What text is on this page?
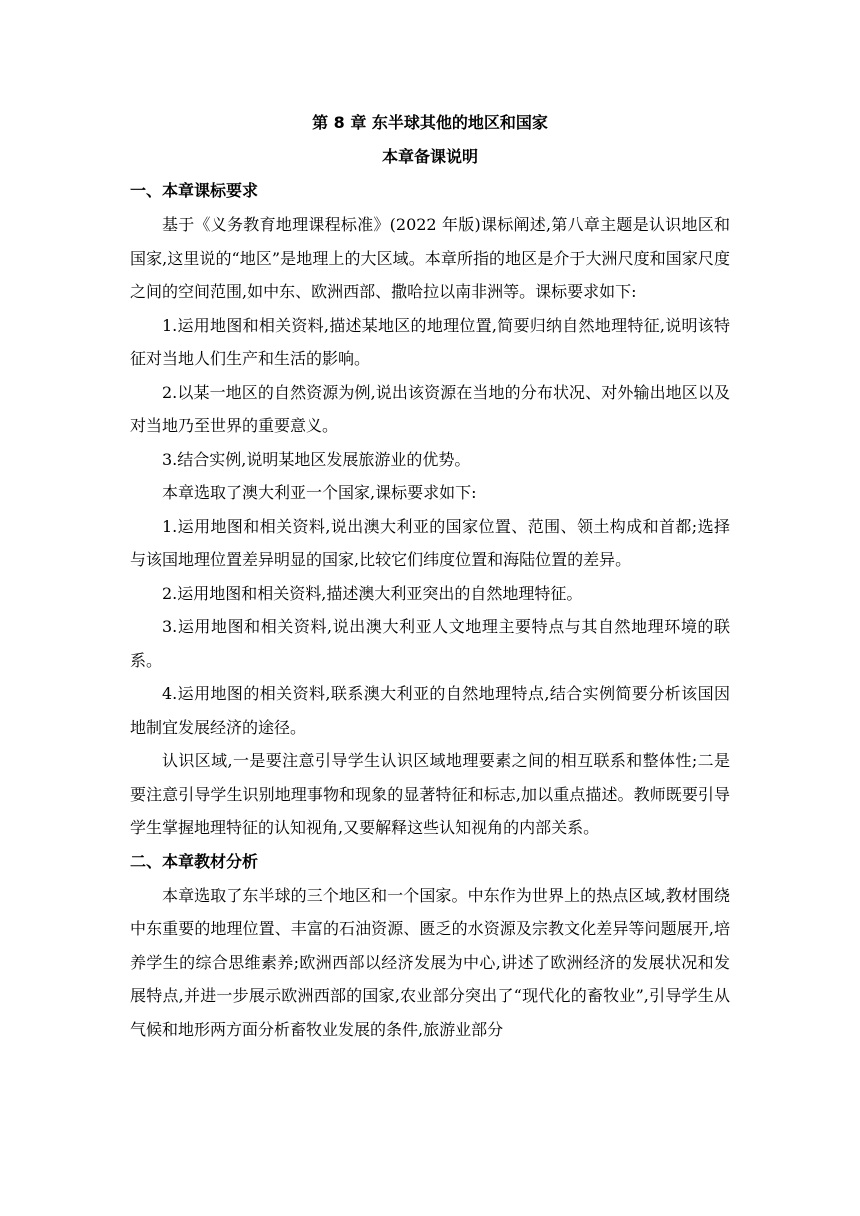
第 8 章 东半球其他的地区和国家
本章备课说明
一、本章课标要求

基于《义务教育地理课程标准》(2022 年版)课标阐述,第八章主题是认识地区和国家,这里说的“地区”是地理上的大区域。本章所指的地区是介于大洲尺度和国家尺度之间的空间范围,如中东、欧洲西部、撒哈拉以南非洲等。课标要求如下:

1.运用地图和相关资料,描述某地区的地理位置,简要归纳自然地理特征,说明该特征对当地人们生产和生活的影响。

2.以某一地区的自然资源为例,说出该资源在当地的分布状况、对外输出地区以及对当地乃至世界的重要意义。

3.结合实例,说明某地区发展旅游业的优势。

本章选取了澳大利亚一个国家,课标要求如下:

1.运用地图和相关资料,说出澳大利亚的国家位置、范围、领土构成和首都;选择与该国地理位置差异明显的国家,比较它们纬度位置和海陆位置的差异。

2.运用地图和相关资料,描述澳大利亚突出的自然地理特征。

3.运用地图和相关资料,说出澳大利亚人文地理主要特点与其自然地理环境的联系。

4.运用地图的相关资料,联系澳大利亚的自然地理特点,结合实例简要分析该国因地制宜发展经济的途径。

认识区域,一是要注意引导学生认识区域地理要素之间的相互联系和整体性;二是要注意引导学生识别地理事物和现象的显著特征和标志,加以重点描述。教师既要引导学生掌握地理特征的认知视角,又要解释这些认知视角的内部关系。

二、本章教材分析

本章选取了东半球的三个地区和一个国家。中东作为世界上的热点区域,教材围绕中东重要的地理位置、丰富的石油资源、匮乏的水资源及宗教文化差异等问题展开,培养学生的综合思维素养;欧洲西部以经济发展为中心,讲述了欧洲经济的发展状况和发展特点,并进一步展示欧洲西部的国家,农业部分突出了“现代化的畜牧业”,引导学生从气候和地形两方面分析畜牧业发展的条件,旅游业部分
